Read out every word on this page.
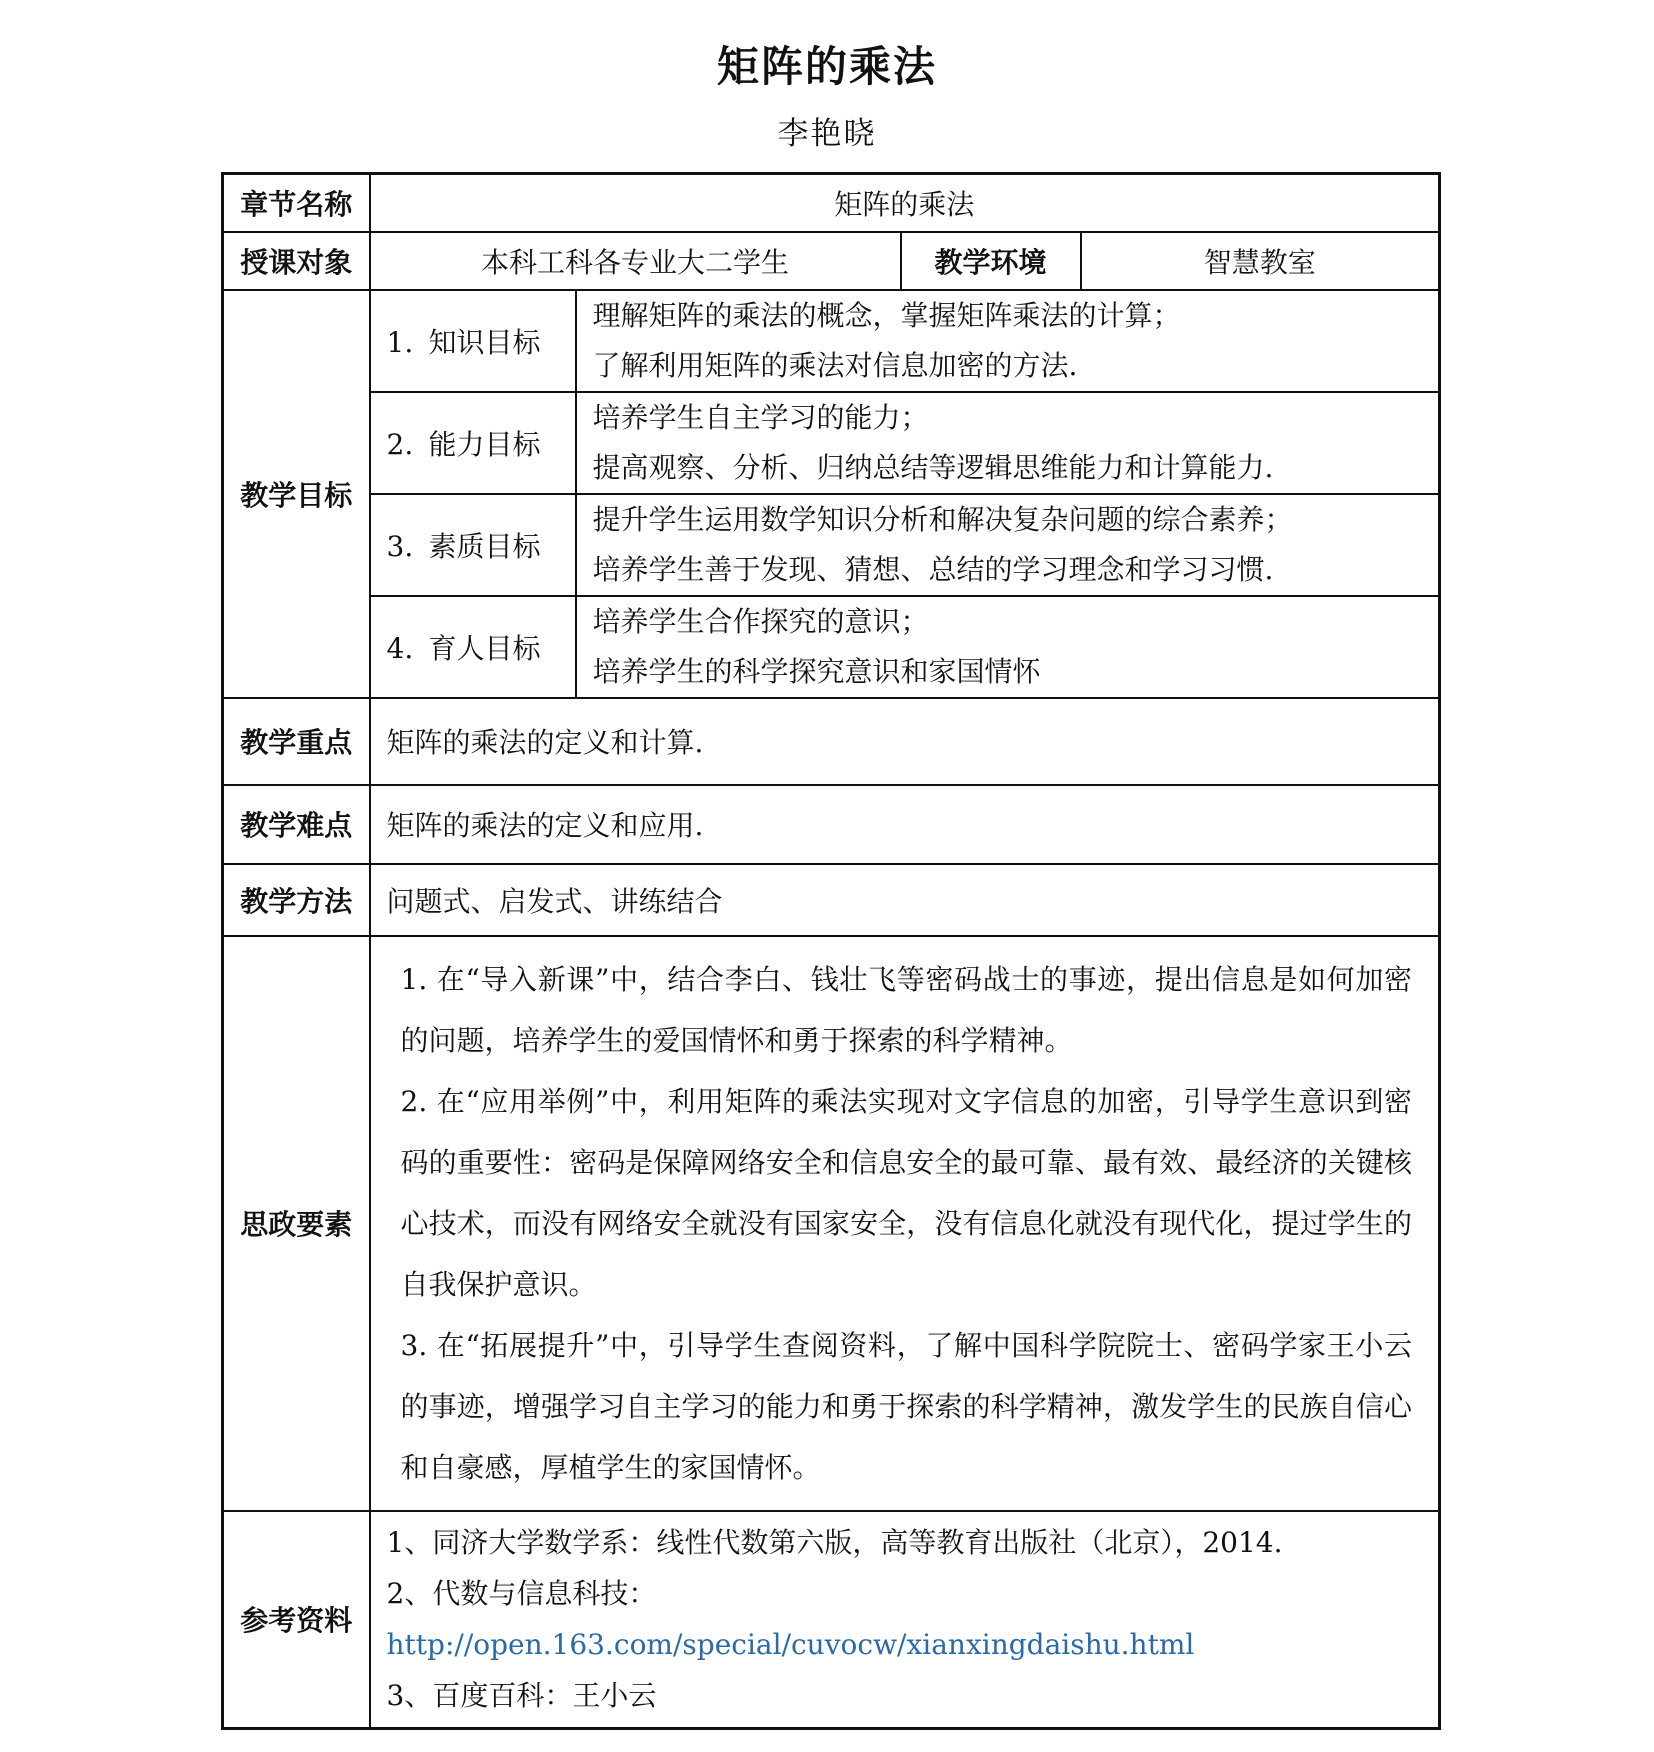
矩阵的乘法
李艳晓
章节名称	矩阵的乘法			
授课对象	本科工科各专业大二学生		教学环境	智慧教室
教学目标	1. 知识目标	理解矩阵的乘法的概念，掌握矩阵乘法的计算；
了解利用矩阵的乘法对信息加密的方法.		

	2. 能力目标	培养学生自主学习的能力；
提高观察、分析、归纳总结等逻辑思维能力和计算能力.		

	3. 素质目标	提升学生运用数学知识分析和解决复杂问题的综合素养；
培养学生善于发现、猜想、总结的学习理念和学习习惯.		

	4. 育人目标	培养学生合作探究的意识；
培养学生的科学探究意识和家国情怀		

教学重点	矩阵的乘法的定义和计算.			
教学难点	矩阵的乘法的定义和应用.			
教学方法	问题式、启发式、讲练结合			
思政要素	1. 在“导入新课”中，结合李白、钱壮飞等密码战士的事迹，提出信息是如何加密的问题，培养学生的爱国情怀和勇于探索的科学精神。

2. 在“应用举例”中，利用矩阵的乘法实现对文字信息的加密，引导学生意识到密码的重要性：密码是保障网络安全和信息安全的最可靠、最有效、最经济的关键核心技术，而没有网络安全就没有国家安全，没有信息化就没有现代化，提过学生的自我保护意识。

3. 在“拓展提升”中，引导学生查阅资料，了解中国科学院院士、密码学家王小云的事迹，增强学习自主学习的能力和勇于探索的科学精神，激发学生的民族自信心和自豪感，厚植学生的家国情怀。			

参考资料	1、同济大学数学系：线性代数第六版，高等教育出版社（北京），2014.
2、代数与信息科技：http://open.163.com/special/cuvocw/xianxingdaishu.html
3、百度百科：王小云			
